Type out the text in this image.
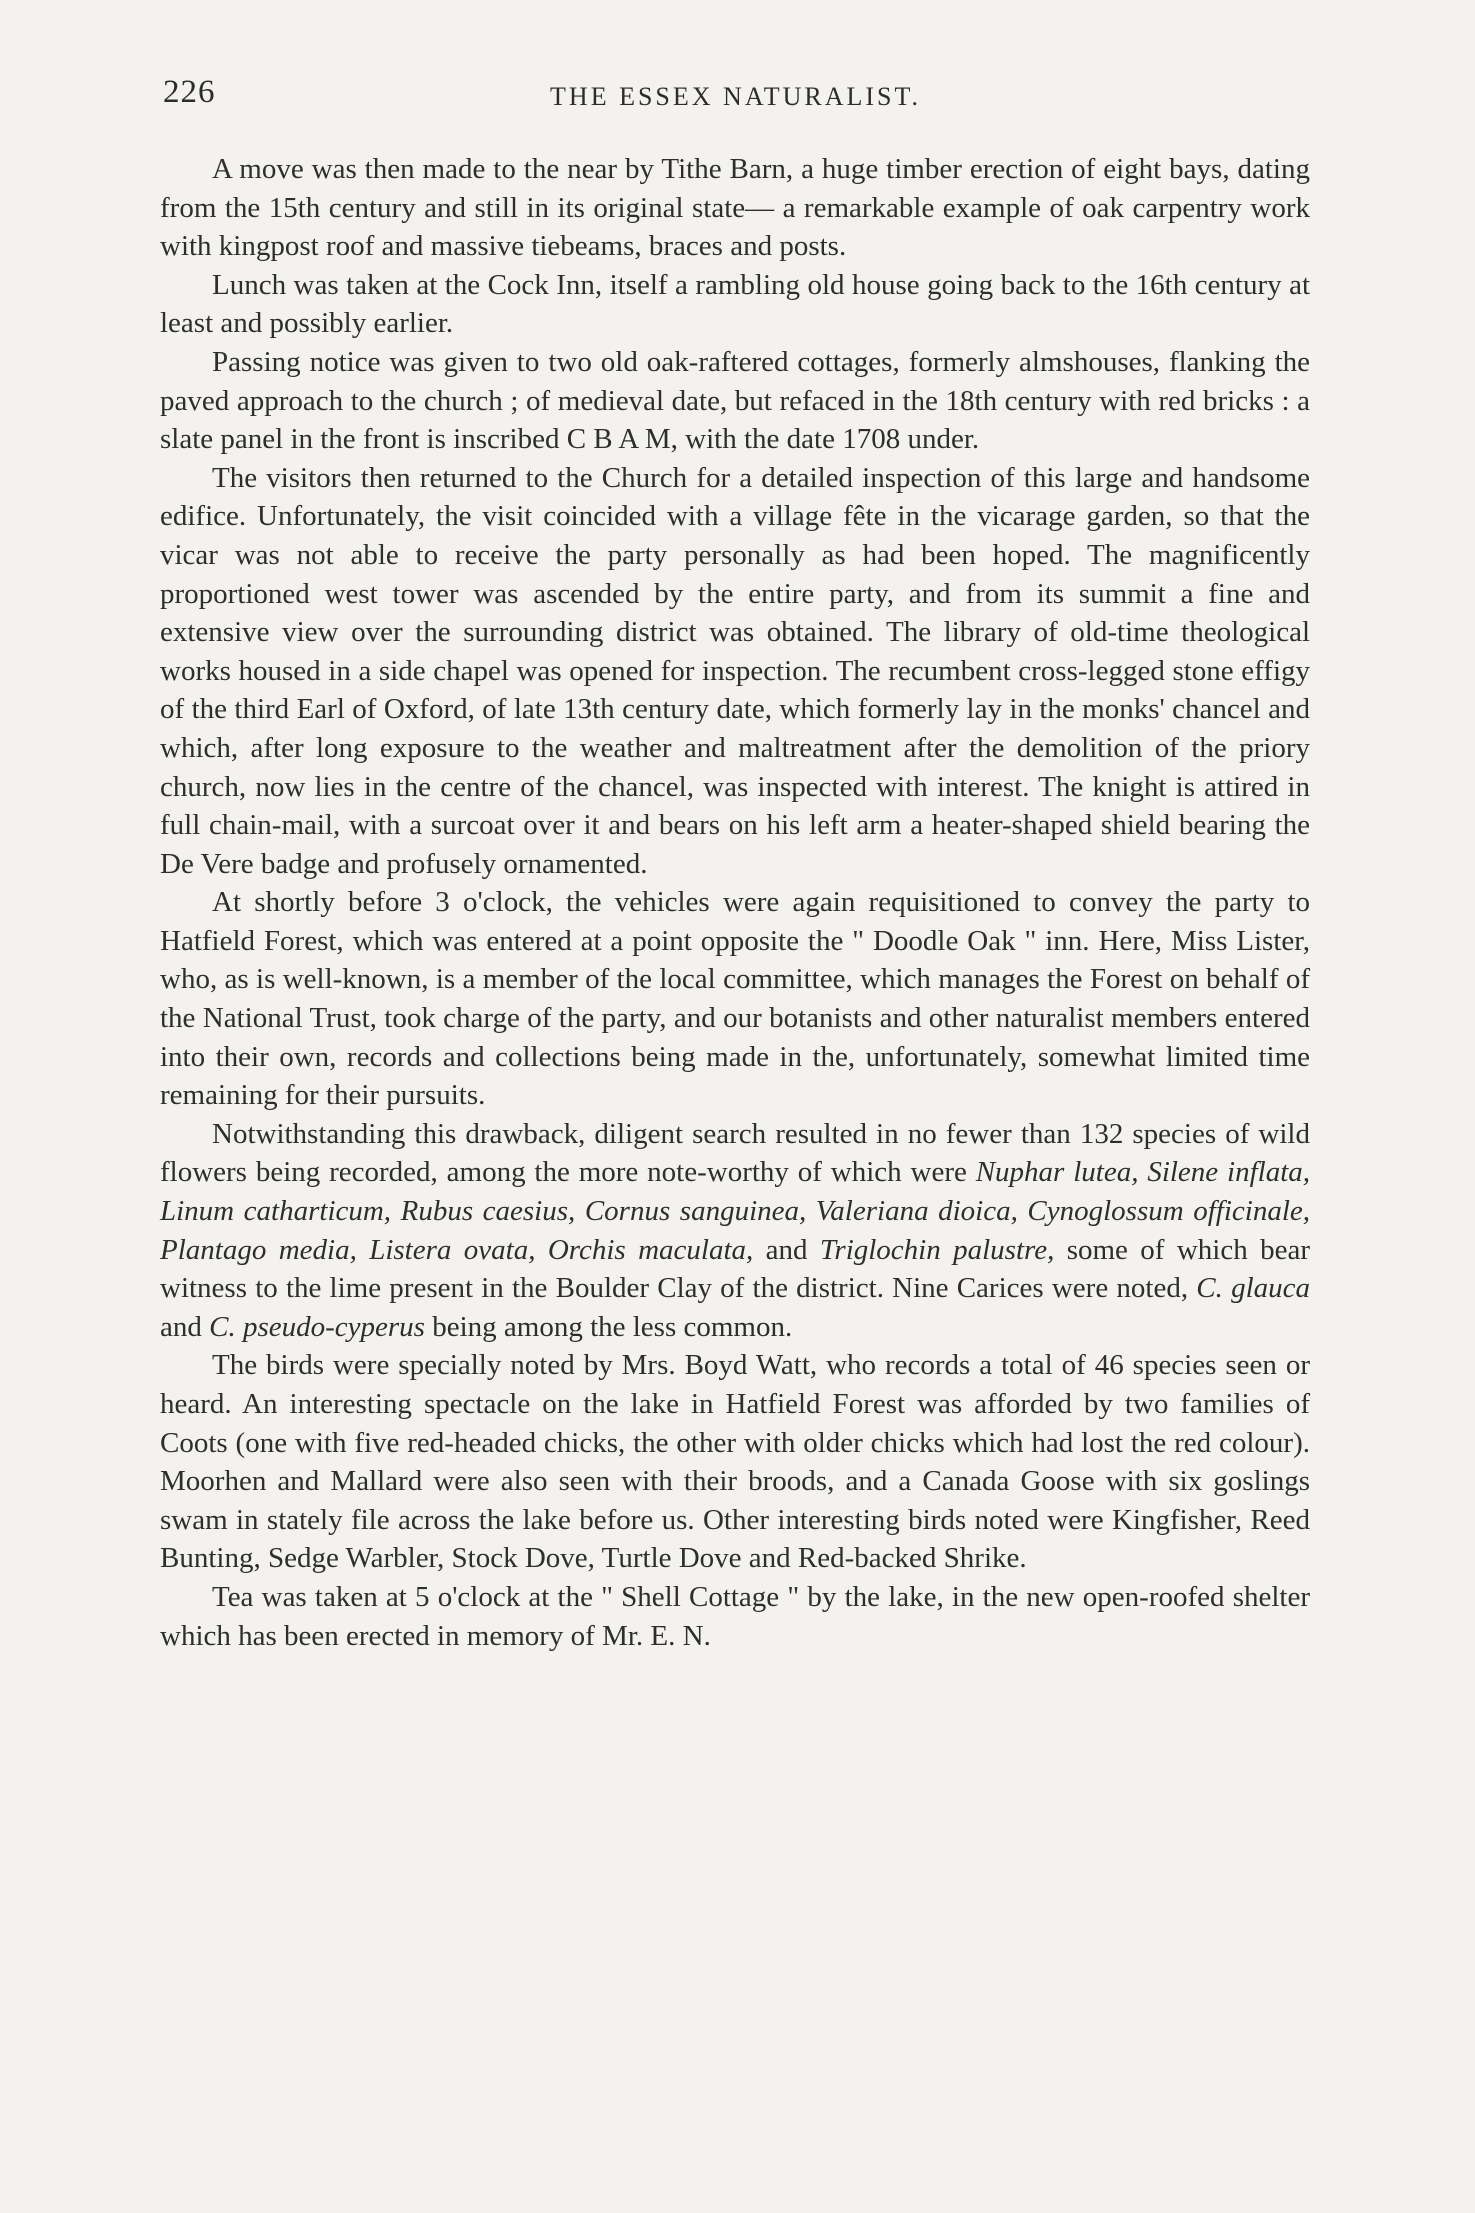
226	THE ESSEX NATURALIST.

A move was then made to the near by Tithe Barn, a huge timber erection of eight bays, dating from the 15th century and still in its original state— a remarkable example of oak carpentry work with kingpost roof and massive tiebeams, braces and posts.

Lunch was taken at the Cock Inn, itself a rambling old house going back to the 16th century at least and possibly earlier.

Passing notice was given to two old oak-raftered cottages, formerly almshouses, flanking the paved approach to the church ; of medieval date, but refaced in the 18th century with red bricks : a slate panel in the front is inscribed C B A M, with the date 1708 under.

The visitors then returned to the Church for a detailed inspection of this large and handsome edifice. Unfortunately, the visit coincided with a village fête in the vicarage garden, so that the vicar was not able to receive the party personally as had been hoped. The magnificently proportioned west tower was ascended by the entire party, and from its summit a fine and extensive view over the surrounding district was obtained. The library of old-time theological works housed in a side chapel was opened for inspection. The recumbent cross-legged stone effigy of the third Earl of Oxford, of late 13th century date, which formerly lay in the monks' chancel and which, after long exposure to the weather and maltreatment after the demolition of the priory church, now lies in the centre of the chancel, was inspected with interest. The knight is attired in full chain-mail, with a surcoat over it and bears on his left arm a heater-shaped shield bearing the De Vere badge and profusely ornamented.

At shortly before 3 o'clock, the vehicles were again requisitioned to convey the party to Hatfield Forest, which was entered at a point opposite the " Doodle Oak " inn. Here, Miss Lister, who, as is well-known, is a member of the local committee, which manages the Forest on behalf of the National Trust, took charge of the party, and our botanists and other naturalist members entered into their own, records and collections being made in the, unfortunately, somewhat limited time remaining for their pursuits.

Notwithstanding this drawback, diligent search resulted in no fewer than 132 species of wild flowers being recorded, among the more note-worthy of which were Nuphar lutea, Silene inflata, Linum catharticum, Rubus caesius, Cornus sanguinea, Valeriana dioica, Cynoglossum officinale, Plantago media, Listera ovata, Orchis maculata, and Triglochin palustre, some of which bear witness to the lime present in the Boulder Clay of the district. Nine Carices were noted, C. glauca and C. pseudo-cyperus being among the less common.

The birds were specially noted by Mrs. Boyd Watt, who records a total of 46 species seen or heard. An interesting spectacle on the lake in Hatfield Forest was afforded by two families of Coots (one with five red-headed chicks, the other with older chicks which had lost the red colour). Moorhen and Mallard were also seen with their broods, and a Canada Goose with six goslings swam in stately file across the lake before us. Other interesting birds noted were Kingfisher, Reed Bunting, Sedge Warbler, Stock Dove, Turtle Dove and Red-backed Shrike.

Tea was taken at 5 o'clock at the " Shell Cottage " by the lake, in the new open-roofed shelter which has been erected in memory of Mr. E. N.
